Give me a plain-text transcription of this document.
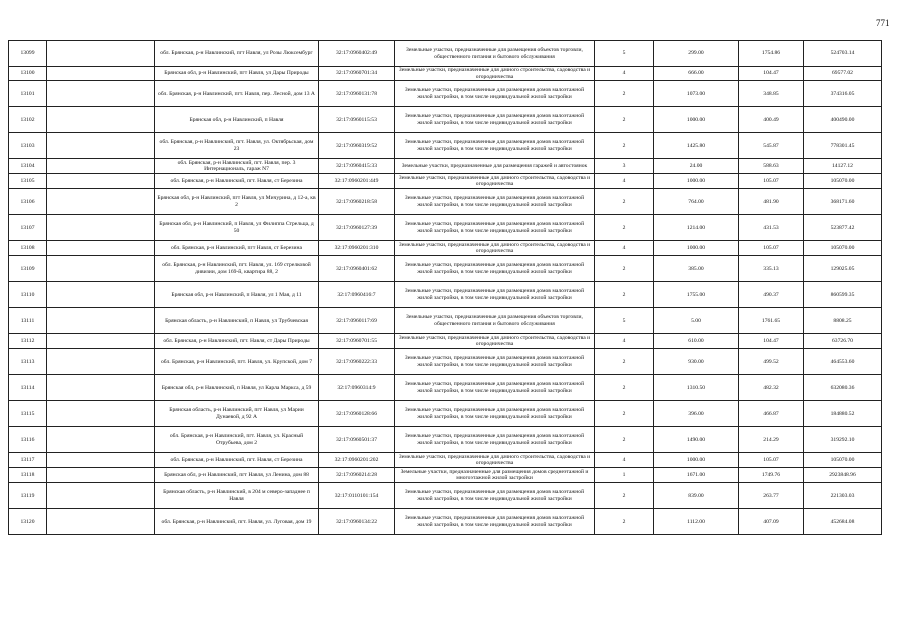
771
13099		обл. Брянская, р-н Навлинский, пгт Навля, ул Розы Люксембург	32:17:0960402:49	Земельные участки, предназначенные для размещения объектов торговли, общественного питания и бытового обслуживания	5	299.00	1754.86	524703.14
13100		Брянская обл, р-н Навлинский, пгт Навля, ул Дары Природы	32:17:0960701:34	Земельные участки, предназначенные для дачного строительства, садоводства и огородничества	4	666.00	104.47	69577.02
13101		обл. Брянская, р-н Навлинский, пгт. Навля, пер. Лесной, дом 13 А	32:17:0960131:78	Земельные участки, предназначенные для размещения домов малоэтажной жилой застройки, в том числе индивидуальной жилой застройки	2	1073.00	348.85	374316.05
13102		Брянская обл, р-н Навлинский, п Навля	32:17:0960115:53	Земельные участки, предназначенные для размещения домов малоэтажной жилой застройки, в том числе индивидуальной жилой застройки	2	1000.00	400.49	400490.00
13103		обл. Брянская, р-н Навлинский, пгт. Навля, ул. Октябрьская, дом 23	32:17:0960319:52	Земельные участки, предназначенные для размещения домов малоэтажной жилой застройки, в том числе индивидуальной жилой застройки	2	1425.80	545.87	778301.45
13104		обл. Брянская, р-н Навлинский, пгт. Навля, пер. 3 Интернациональ, гараж N7	32:17:0960415:33	Земельные участки, предназначенные для размещения гаражей и автостоянок	3	24.00	588.63	14127.12
13105		обл. Брянская, р-н Навлинский, пгт. Навля, ст Березина	32:17:0960201:449	Земельные участки, предназначенные для дачного строительства, садоводства и огородничества	4	1000.00	105.07	105070.00
13106		Брянская обл, р-н Навлинский, пгт Навля, ул Мичурина, д 12-а, кв 2	32:17:0960218:58	Земельные участки, предназначенные для размещения домов малоэтажной жилой застройки, в том числе индивидуальной жилой застройки	2	764.00	481.90	368171.60
13107		Брянская обл, р-н Навлинский, п Навля, ул Филиппа Стрельца, д 50	32:17:0960127:39	Земельные участки, предназначенные для размещения домов малоэтажной жилой застройки, в том числе индивидуальной жилой застройки	2	1214.00	431.53	523877.42
13108		обл. Брянская, р-н Навлинский, пгт Навля, ст Березина	32:17:0960201:310	Земельные участки, предназначенные для дачного строительства, садоводства и огородничества	4	1000.00	105.07	105070.00
13109		обл. Брянская, р-н Навлинский, пгт. Навля, ул. 169 стрелковой дивизии, дом 169-й, квартира 88, 2	32:17:0960401:62	Земельные участки, предназначенные для размещения домов малоэтажной жилой застройки, в том числе индивидуальной жилой застройки	2	385.00	335.13	129025.05
13110		Брянская обл, р-н Навлинский, п Навля, ул 1 Мая, д 11	32:17:0960416:7	Земельные участки, предназначенные для размещения домов малоэтажной жилой застройки, в том числе индивидуальной жилой застройки	2	1755.00	490.37	860599.35
13111		Брянская область, р-н Навлинский, п Навля, ул Трубчевская	32:17:0960117:69	Земельные участки, предназначенные для размещения объектов торговли, общественного питания и бытового обслуживания	5	5.00	1761.65	8808.25
13112		обл. Брянская, р-н Навлинский, пгт. Навля, ст Дары Природы	32:17:0960701:55	Земельные участки, предназначенные для дачного строительства, садоводства и огородничества	4	610.00	104.47	63726.70
13113		обл. Брянская, р-н Навлинский, пгт. Навля, ул. Крупской, дом 7	32:17:0960222:33	Земельные участки, предназначенные для размещения домов малоэтажной жилой застройки, в том числе индивидуальной жилой застройки	2	930.00	499.52	464553.60
13114		Брянская обл, р-н Навлинский, п Навля, ул Карла Маркса, д 59	32:17:0960314:9	Земельные участки, предназначенные для размещения домов малоэтажной жилой застройки, в том числе индивидуальной жилой застройки	2	1310.50	482.32	632080.36
13115		Брянская область, р-н Навлинский, пгт Навля, ул Марии Дунаевой, д 92 А	32:17:0960128:66	Земельные участки, предназначенные для размещения домов малоэтажной жилой застройки, в том числе индивидуальной жилой застройки	2	396.00	466.87	184880.52
13116		обл. Брянская, р-н Навлинский, пгт. Навля, ул. Красный Отрубьева, дом 2	32:17:0960501:37	Земельные участки, предназначенные для размещения домов малоэтажной жилой застройки, в том числе индивидуальной жилой застройки	2	1490.00	214.29	319292.10
13117		обл. Брянская, р-н Навлинский, пгт. Навля, ст Березина	32:17:0960201:202	Земельные участки, предназначенные для дачного строительства, садоводства и огородничества	4	1000.00	105.07	105070.00
13118		Брянская обл, р-н Навлинский, пгт Навля, ул Ленина, дом 88	32:17:0960214:28	Земельные участки, предназначенные для размещения домов среднеэтажной и многоэтажной жилой застройки	1	1671.00	1749.76	2923848.96
13119		Брянская область, р-н Навлинский, в 204 м северо-западнее п Навля	32:17:0110101:154	Земельные участки, предназначенные для размещения домов малоэтажной жилой застройки, в том числе индивидуальной жилой застройки	2	839.00	263.77	221303.03
13120		обл. Брянская, р-н Навлинский, пгт. Навля, ул. Луговая, дом 19	32:17:0960134:22	Земельные участки, предназначенные для размещения домов малоэтажной жилой застройки, в том числе индивидуальной жилой застройки	2	1112.00	407.09	452684.08
